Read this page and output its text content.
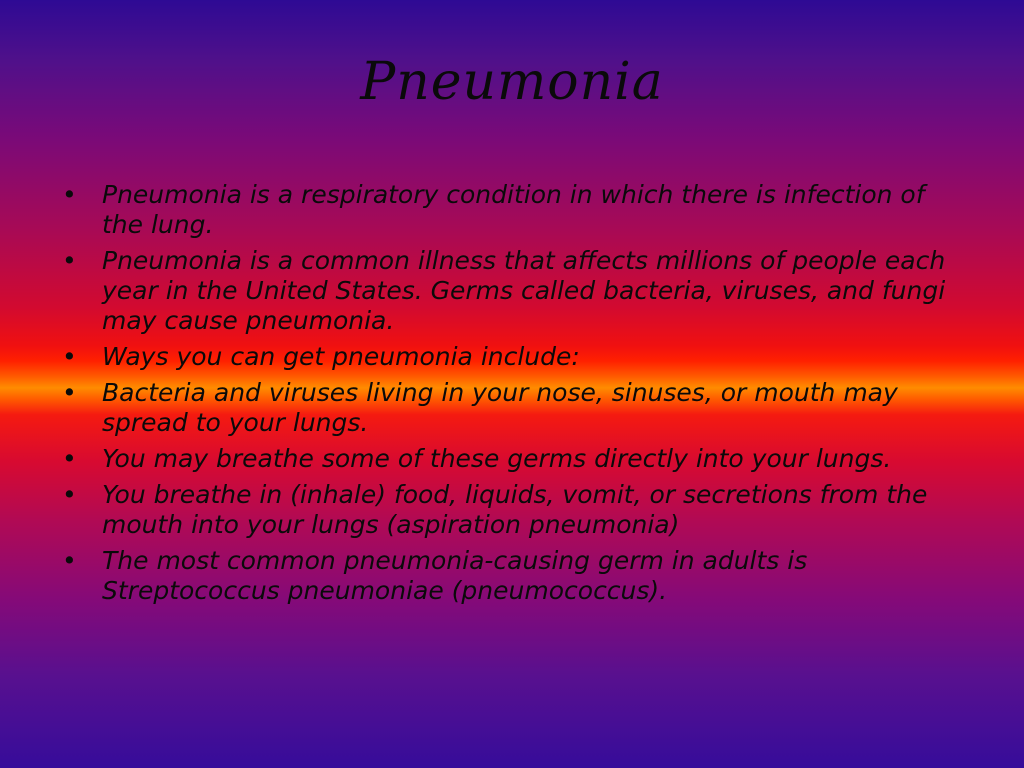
Pneumonia
• Pneumonia is a respiratory condition in which there is infection of the lung.
• Pneumonia is a common illness that affects millions of people each year in the United States. Germs called bacteria, viruses, and fungi may cause pneumonia.
• Ways you can get pneumonia include:
• Bacteria and viruses living in your nose, sinuses, or mouth may spread to your lungs.
• You may breathe some of these germs directly into your lungs.
• You breathe in (inhale) food, liquids, vomit, or secretions from the mouth into your lungs (aspiration pneumonia)
• The most common pneumonia-causing germ in adults is Streptococcus pneumoniae (pneumococcus).
